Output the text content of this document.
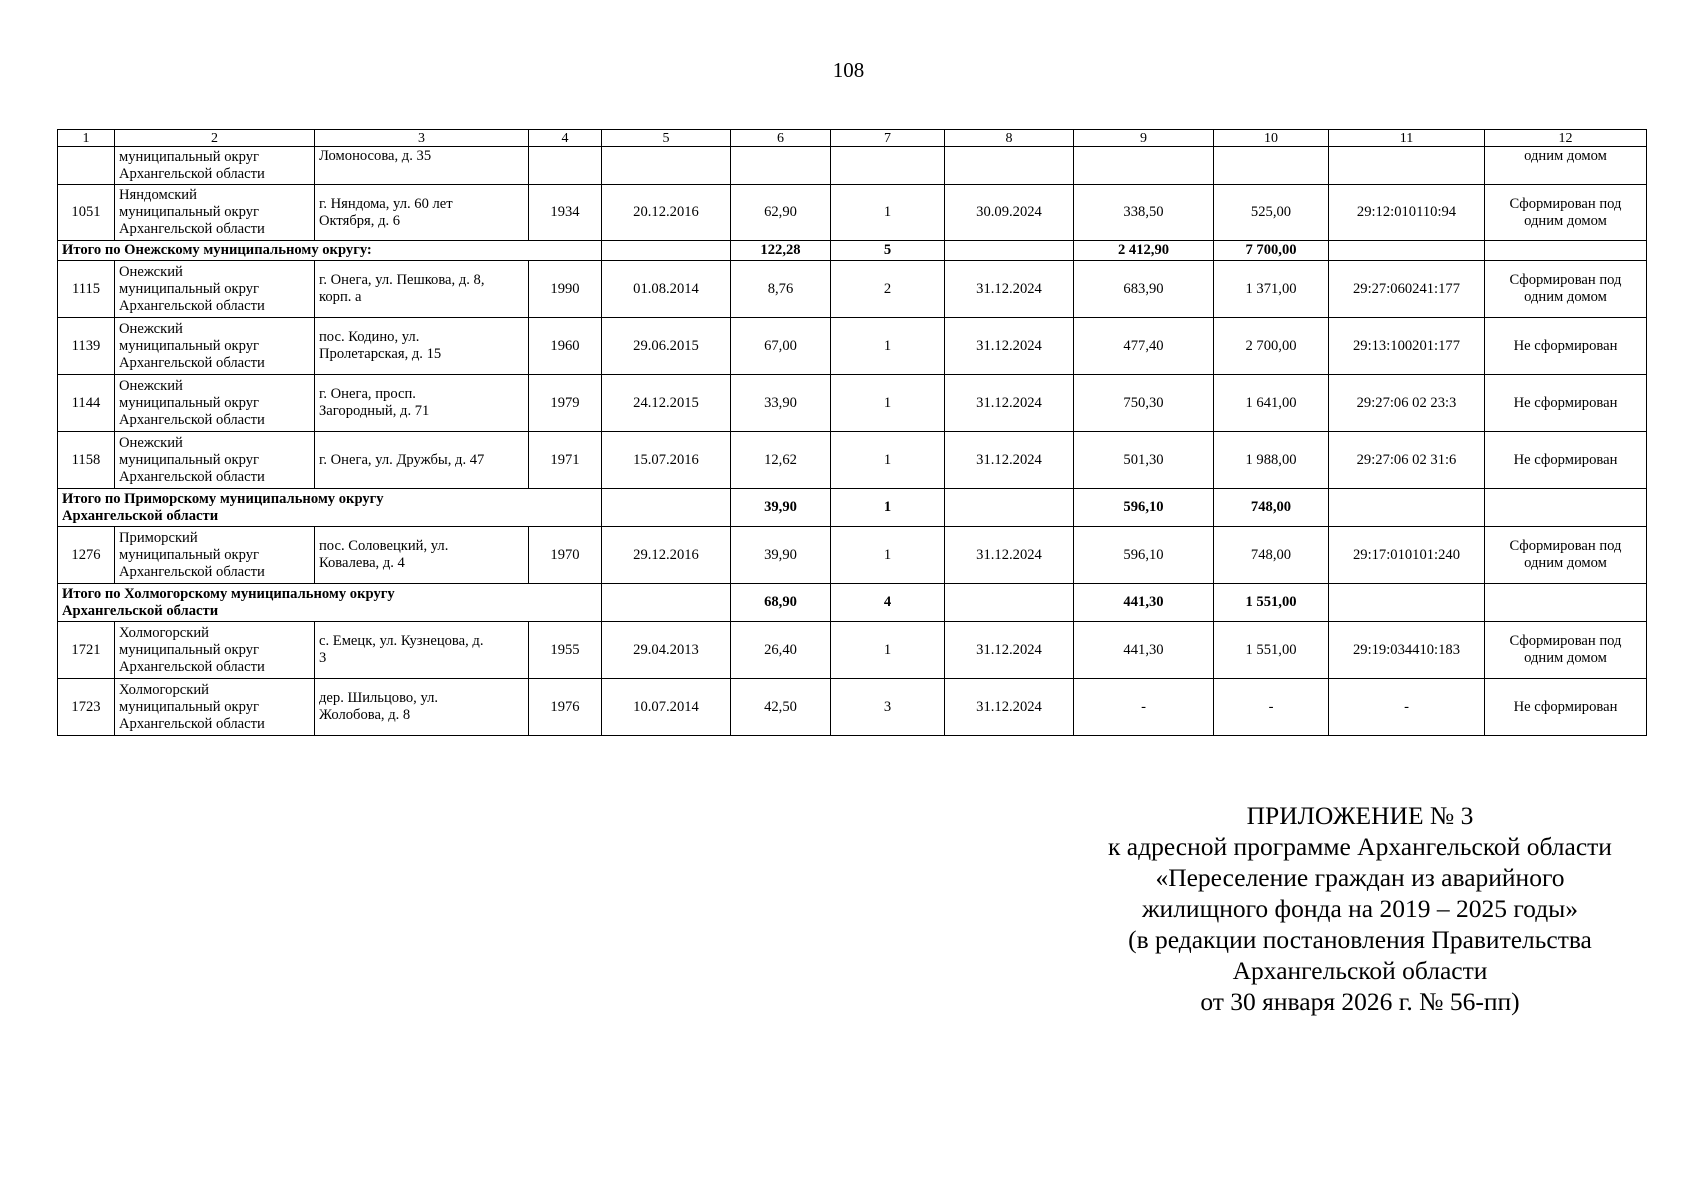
108
1	2	3	4	5	6	7	8	9	10	11	12
	муниципальный округ
Архангельской области	Ломоносова, д. 35									одним домом
1051	Няндомский
муниципальный округ
Архангельской области	г. Няндома, ул. 60 лет
Октября, д. 6	1934	20.12.2016	62,90	1	30.09.2024	338,50	525,00	29:12:010110:94	Сформирован под
одним домом
Итого по Онежскому муниципальному округу:					122,28	5		2 412,90	7 700,00		
1115	Онежский
муниципальный округ
Архангельской области	г. Онега, ул. Пешкова, д. 8,
корп. а	1990	01.08.2014	8,76	2	31.12.2024	683,90	1 371,00	29:27:060241:177	Сформирован под
одним домом
1139	Онежский
муниципальный округ
Архангельской области	пос. Кодино, ул.
Пролетарская, д. 15	1960	29.06.2015	67,00	1	31.12.2024	477,40	2 700,00	29:13:100201:177	Не сформирован
1144	Онежский
муниципальный округ
Архангельской области	г. Онега, просп.
Загородный, д. 71	1979	24.12.2015	33,90	1	31.12.2024	750,30	1 641,00	29:27:06 02 23:3	Не сформирован
1158	Онежский
муниципальный округ
Архангельской области	г. Онега, ул. Дружбы, д. 47	1971	15.07.2016	12,62	1	31.12.2024	501,30	1 988,00	29:27:06 02 31:6	Не сформирован
Итого по Приморскому муниципальному округу
Архангельской области					39,90	1		596,10	748,00		
1276	Приморский
муниципальный округ
Архангельской области	пос. Соловецкий, ул.
Ковалева, д. 4	1970	29.12.2016	39,90	1	31.12.2024	596,10	748,00	29:17:010101:240	Сформирован под
одним домом
Итого по Холмогорскому муниципальному округу
Архангельской области					68,90	4		441,30	1 551,00		
1721	Холмогорский
муниципальный округ
Архангельской области	с. Емецк, ул. Кузнецова, д.
3	1955	29.04.2013	26,40	1	31.12.2024	441,30	1 551,00	29:19:034410:183	Сформирован под
одним домом
1723	Холмогорский
муниципальный округ
Архангельской области	дер. Шильцово, ул.
Жолобова, д. 8	1976	10.07.2014	42,50	3	31.12.2024	-	-	-	Не сформирован
ПРИЛОЖЕНИЕ № 3
к адресной программе Архангельской области
«Переселение граждан из аварийного
жилищного фонда на 2019 – 2025 годы»
(в редакции постановления Правительства
Архангельской области
от 30 января 2026 г. № 56-пп)
